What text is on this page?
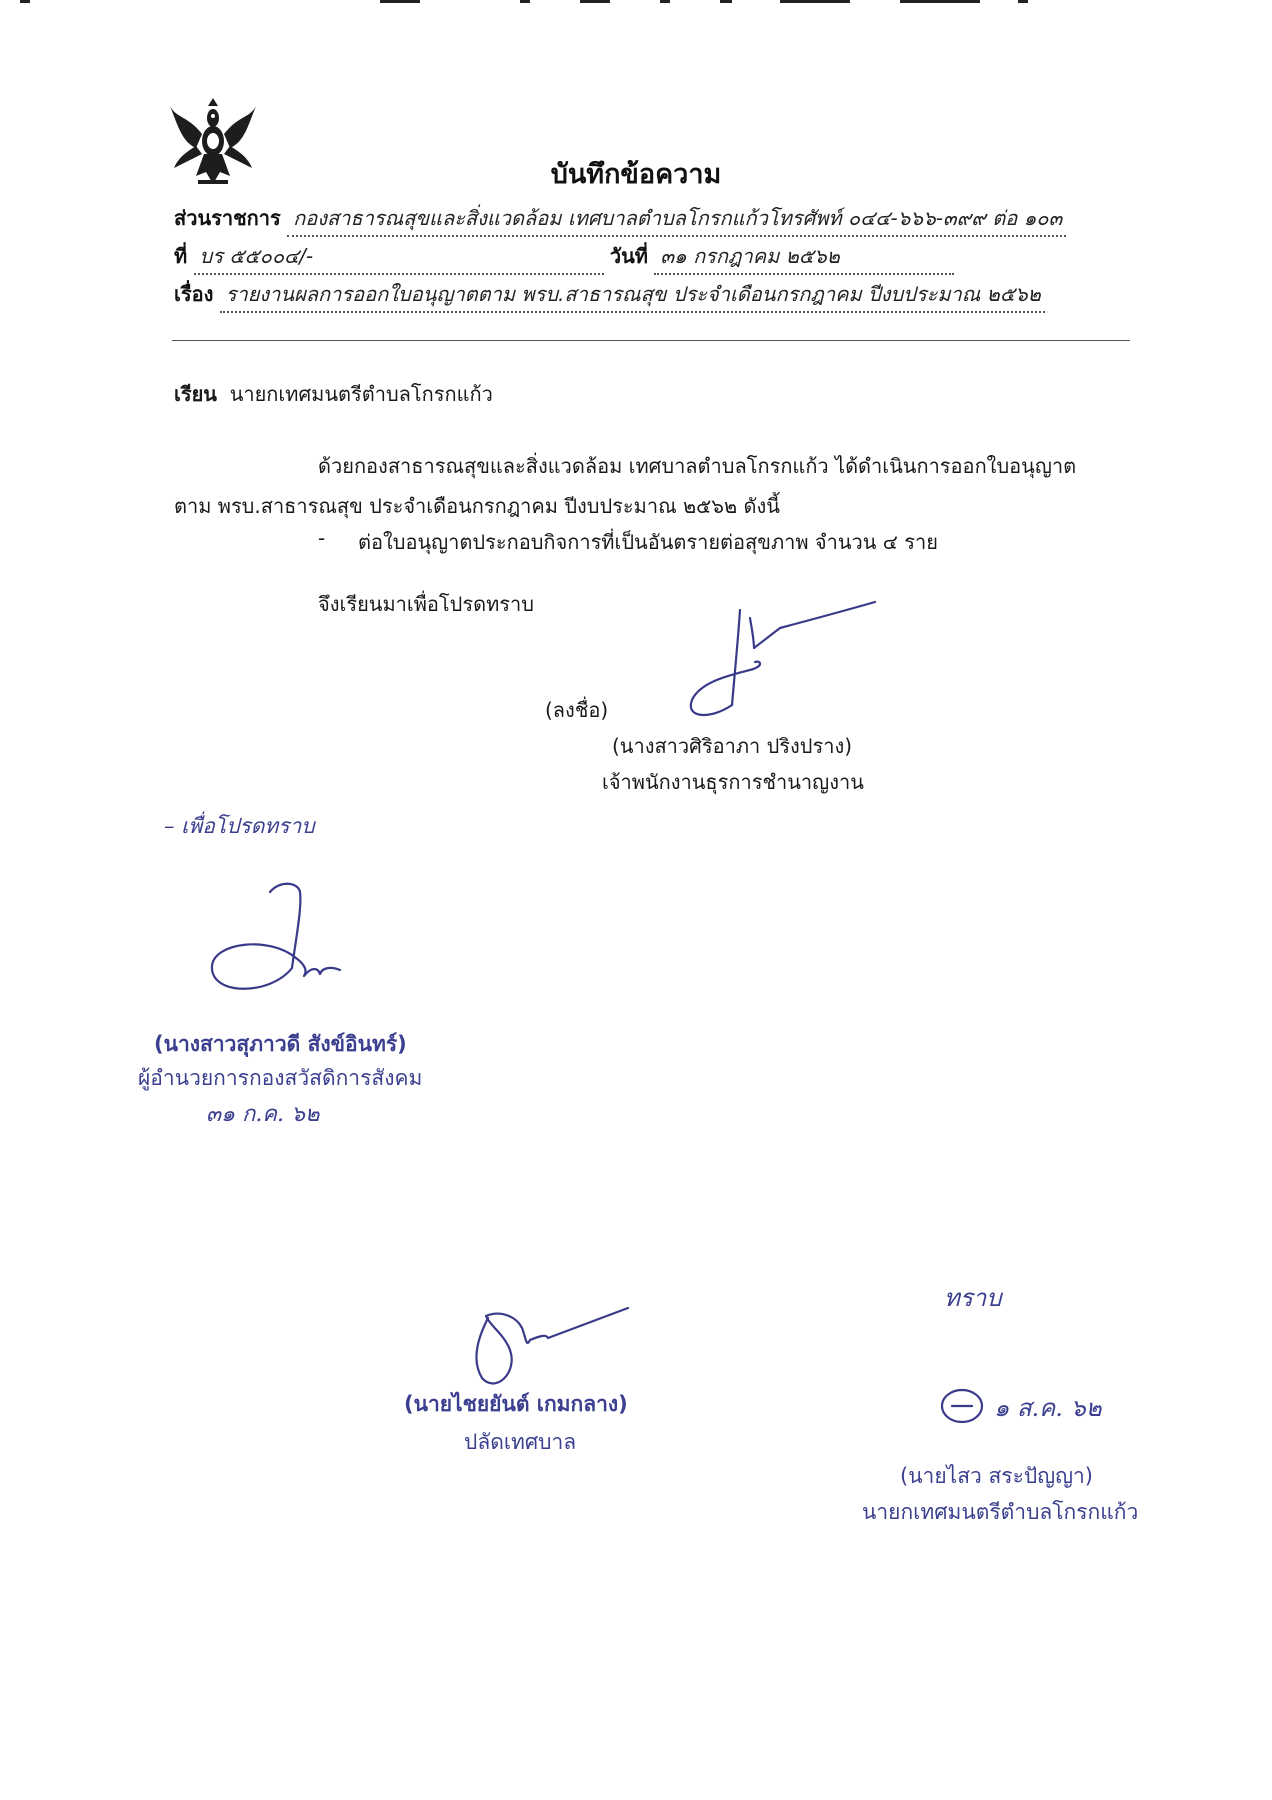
บันทึกข้อความ
ส่วนราชการ กองสาธารณสุขและสิ่งแวดล้อม เทศบาลตำบลโกรกแก้วโทรศัพท์ ๐๔๔-๖๖๖-๓๙๙ ต่อ ๑๐๓
ที่ บร ๕๕๐๐๔/-	วันที่ ๓๑ กรกฎาคม ๒๕๖๒
เรื่อง รายงานผลการออกใบอนุญาตตาม พรบ.สาธารณสุข ประจำเดือนกรกฎาคม ปีงบประมาณ ๒๕๖๒
เรียน นายกเทศมนตรีตำบลโกรกแก้ว
ด้วยกองสาธารณสุขและสิ่งแวดล้อม เทศบาลตำบลโกรกแก้ว ได้ดำเนินการออกใบอนุญาต
ตาม พรบ.สาธารณสุข ประจำเดือนกรกฎาคม ปีงบประมาณ ๒๕๖๒ ดังนี้
- ต่อใบอนุญาตประกอบกิจการที่เป็นอันตรายต่อสุขภาพ จำนวน ๔ ราย
จึงเรียนมาเพื่อโปรดทราบ
(ลงชื่อ)
(นางสาวศิริอาภา ปริงปราง)
เจ้าพนักงานธุรการชำนาญงาน
– เพื่อโปรดทราบ
(นางสาวสุภาวดี สังข์อินทร์)
ผู้อำนวยการกองสวัสดิการสังคม
๓๑ ก.ค. ๖๒
(นายไชยยันต์ เกมกลาง)
ปลัดเทศบาล
ทราบ
๑ ส.ค. ๖๒
(นายไสว สระปัญญา)
นายกเทศมนตรีตำบลโกรกแก้ว
